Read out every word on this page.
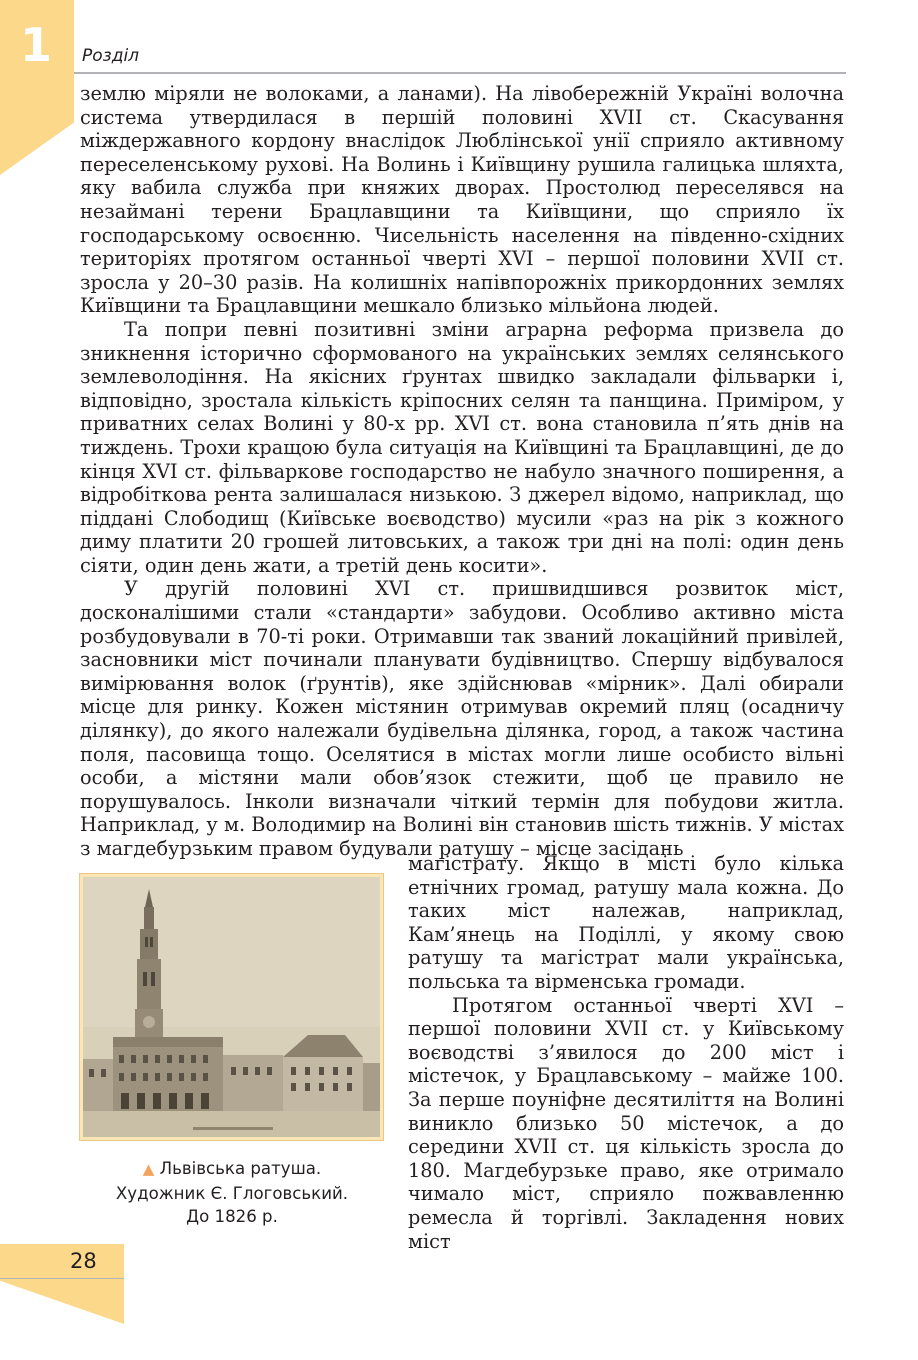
1 Розділ

землю міряли не волоками, а ланами). На лівобережній Україні волочна система утвердилася в першій половині XVII ст. Скасування міждержавного кордону внаслідок Люблінської унії сприяло активному переселенському рухові. На Волинь і Київщину рушила галицька шляхта, яку вабила служба при княжих дворах. Простолюд переселявся на незаймані терени Брацлавщини та Київщини, що сприяло їх господарському освоєнню. Чисельність населення на південно-східних територіях протягом останньої чверті XVI – першої половини XVII ст. зросла у 20–30 разів. На колишніх напівпорожніх прикордонних землях Київщини та Брацлавщини мешкало близько мільйона людей.

Та попри певні позитивні зміни аграрна реформа призвела до зникнення історично сформованого на українських землях селянського землеволодіння. На якісних ґрунтах швидко закладали фільварки і, відповідно, зростала кількість кріпосних селян та панщина. Приміром, у приватних селах Волині у 80-х рр. XVI ст. вона становила п’ять днів на тиждень. Трохи кращою була ситуація на Київщині та Брацлавщині, де до кінця XVI ст. фільваркове господарство не набуло значного поширення, а відробіткова рента залишалася низькою. З джерел відомо, наприклад, що піддані Слободищ (Київське воєводство) мусили «раз на рік з кожного диму платити 20 грошей литовських, а також три дні на полі: один день сіяти, один день жати, а третій день косити».

У другій половині XVI ст. пришвидшився розвиток міст, досконалішими стали «стандарти» забудови. Особливо активно міста розбудовували в 70-ті роки. Отримавши так званий локаційний привілей, засновники міст починали планувати будівництво. Спершу відбувалося вимірювання волок (ґрунтів), яке здійснював «мірник». Далі обирали місце для ринку. Кожен містянин отримував окремий пляц (осадничу ділянку), до якого належали будівельна ділянка, город, а також частина поля, пасовища тощо. Оселятися в містах могли лише особисто вільні особи, а містяни мали обов’язок стежити, щоб це правило не порушувалось. Інколи визначали чіткий термін для побудови житла. Наприклад, у м. Володимир на Волині він становив шість тижнів. У містах з магдебурзьким правом будували ратушу – місце засідань

▲ Львівська ратуша.
Художник Є. Глоговський.
До 1826 р.

магістрату. Якщо в місті було кілька етнічних громад, ратушу мала кожна. До таких міст належав, наприклад, Кам’янець на Поділлі, у якому свою ратушу та магістрат мали українська, польська та вірменська громади.

Протягом останньої чверті XVI – першої половини XVII ст. у Київському воєводстві з’явилося до 200 міст і містечок, у Брацлавському – майже 100. За перше поуніфне десятиліття на Волині виникло близько 50 містечок, а до середини XVII ст. ця кількість зросла до 180. Магдебурзьке право, яке отримало чимало міст, сприяло пожвавленню ремесла й торгівлі. Закладення нових міст

28
